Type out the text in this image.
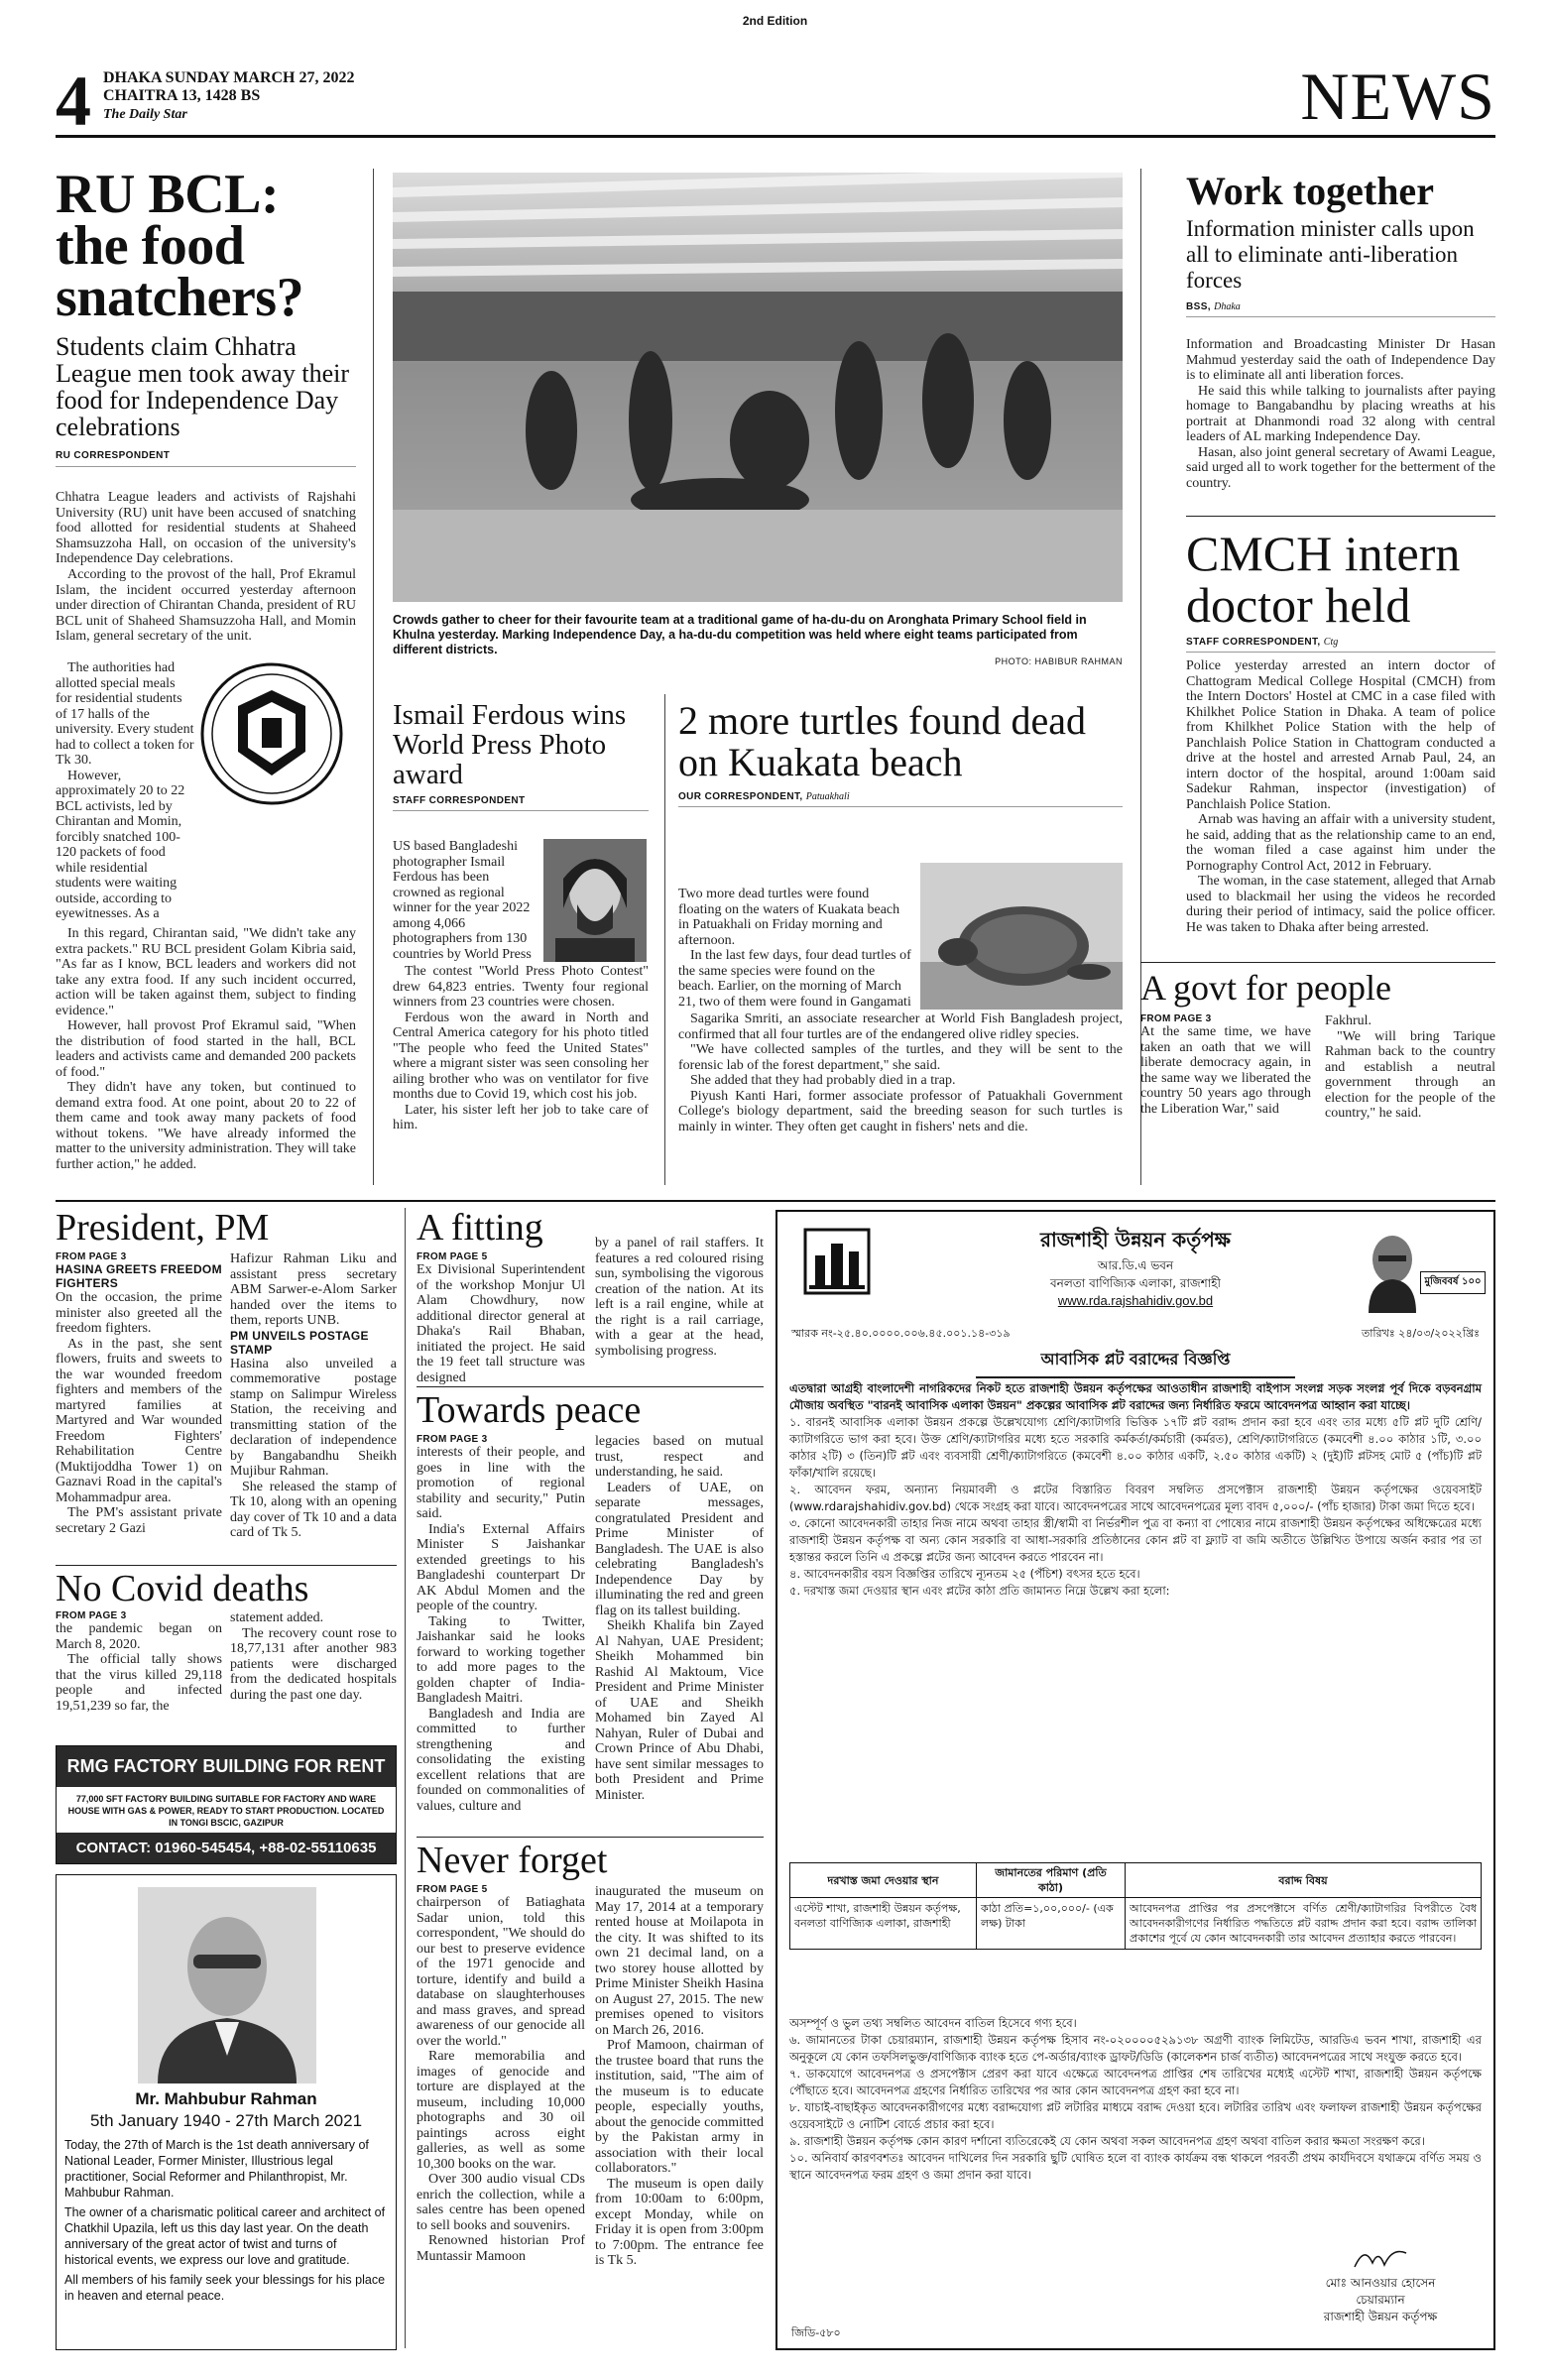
2nd Edition
4 DHAKA SUNDAY MARCH 27, 2022
CHAITRA 13, 1428 BS
The Daily Star	NEWS
RU BCL: the food snatchers?
Students claim Chhatra League men took away their food for Independence Day celebrations
RU CORRESPONDENT

Chhatra League leaders and activists of Rajshahi University (RU) unit have been accused of snatching food allotted for residential students at Shaheed Shamsuzzoha Hall, on occasion of the university's Independence Day celebrations.

According to the provost of the hall, Prof Ekramul Islam, the incident occurred yesterday afternoon under direction of Chirantan Chanda, president of RU BCL unit of Shaheed Shamsuzzoha Hall, and Momin Islam, general secretary of the unit.

The authorities had allotted special meals for residential students of 17 halls of the university. Every student had to collect a token for Tk 30.

However, approximately 20 to 22 BCL activists, led by Chirantan and Momin, forcibly snatched 100-120 packets of food while residential students were waiting outside, according to eyewitnesses. As a

In this regard, Chirantan said, "We didn't take any extra packets." RU BCL president Golam Kibria said, "As far as I know, BCL leaders and workers did not take any extra food. If any such incident occurred, action will be taken against them, subject to finding evidence."

However, hall provost Prof Ekramul said, "When the distribution of food started in the hall, BCL leaders and activists came and demanded 200 packets of food."

They didn't have any token, but continued to demand extra food. At one point, about 20 to 22 of them came and took away many packets of food without tokens. "We have already informed the matter to the university administration. They will take further action," he added.

Crowds gather to cheer for their favourite team at a traditional game of ha-du-du on Aronghata Primary School field in Khulna yesterday. Marking Independence Day, a ha-du-du competition was held where eight teams participated from different districts.
PHOTO: HABIBUR RAHMAN
Ismail Ferdous wins World Press Photo award
STAFF CORRESPONDENT

US based Bangladeshi photographer Ismail Ferdous has been crowned as regional winner for the year 2022 among 4,066 photographers from 130 countries by World Press

The contest "World Press Photo Contest" drew 64,823 entries. Twenty four regional winners from 23 countries were chosen.

Ferdous won the award in North and Central America category for his photo titled "The people who feed the United States" where a migrant sister was seen consoling her ailing brother who was on ventilator for five months due to Covid 19, which cost his job.

Later, his sister left her job to take care of him.

2 more turtles found dead on Kuakata beach
OUR CORRESPONDENT, Patuakhali

Two more dead turtles were found floating on the waters of Kuakata beach in Patuakhali on Friday morning and afternoon.

In the last few days, four dead turtles of the same species were found on the beach. Earlier, on the morning of March 21, two of them were found in Gangamati

Sagarika Smriti, an associate researcher at World Fish Bangladesh project, confirmed that all four turtles are of the endangered olive ridley species.

"We have collected samples of the turtles, and they will be sent to the forensic lab of the forest department," she said.

She added that they had probably died in a trap.

Piyush Kanti Hari, former associate professor of Patuakhali Government College's biology department, said the breeding season for such turtles is mainly in winter. They often get caught in fishers' nets and die.

Work together
Information minister calls upon all to eliminate anti-liberation forces
BSS, Dhaka

Information and Broadcasting Minister Dr Hasan Mahmud yesterday said the oath of Independence Day is to eliminate all anti liberation forces.

He said this while talking to journalists after paying homage to Bangabandhu by placing wreaths at his portrait at Dhanmondi road 32 along with central leaders of AL marking Independence Day.

Hasan, also joint general secretary of Awami League, said urged all to work together for the betterment of the country.

CMCH intern doctor held
STAFF CORRESPONDENT, Ctg

Police yesterday arrested an intern doctor of Chattogram Medical College Hospital (CMCH) from the Intern Doctors' Hostel at CMC in a case filed with Khilkhet Police Station in Dhaka. A team of police from Khilkhet Police Station with the help of Panchlaish Police Station in Chattogram conducted a drive at the hostel and arrested Arnab Paul, 24, an intern doctor of the hospital, around 1:00am said Sadekur Rahman, inspector (investigation) of Panchlaish Police Station.

Arnab was having an affair with a university student, he said, adding that as the relationship came to an end, the woman filed a case against him under the Pornography Control Act, 2012 in February.

The woman, in the case statement, alleged that Arnab used to blackmail her using the videos he recorded during their period of intimacy, said the police officer. He was taken to Dhaka after being arrested.

A govt for people
FROM PAGE 3
At the same time, we have taken an oath that we will liberate democracy again, in the same way we liberated the country 50 years ago through the Liberation War," said
Fakhrul.
"We will bring Tarique Rahman back to the country and establish a neutral government through an election for the people of the country," he said.
President, PM
FROM PAGE 3
HASINA GREETS FREEDOM FIGHTERS
On the occasion, the prime minister also greeted all the freedom fighters.
As in the past, she sent flowers, fruits and sweets to the war wounded freedom fighters and members of the martyred families at Martyred and War wounded Freedom Fighters' Rehabilitation Centre (Muktijoddha Tower 1) on Gaznavi Road in the capital's Mohammadpur area.
The PM's assistant private secretary 2 Gazi
Hafizur Rahman Liku and assistant press secretary ABM Sarwer-e-Alom Sarker handed over the items to them, reports UNB.
PM UNVEILS POSTAGE STAMP
Hasina also unveiled a commemorative postage stamp on Salimpur Wireless Station, the receiving and transmitting station of the declaration of independence by Bangabandhu Sheikh Mujibur Rahman.
She released the stamp of Tk 10, along with an opening day cover of Tk 10 and a data card of Tk 5.
No Covid deaths
FROM PAGE 3
the pandemic began on March 8, 2020.
The official tally shows that the virus killed 29,118 people and infected 19,51,239 so far, the
statement added.
The recovery count rose to 18,77,131 after another 983 patients were discharged from the dedicated hospitals during the past one day.
RMG FACTORY BUILDING FOR RENT
77,000 SFT FACTORY BUILDING SUITABLE FOR FACTORY AND WARE HOUSE WITH GAS & POWER, READY TO START PRODUCTION. LOCATED IN TONGI BSCIC, GAZIPUR
CONTACT: 01960-545454, +88-02-55110635
Mr. Mahbubur Rahman
5th January 1940 - 27th March 2021
Today, the 27th of March is the 1st death anniversary of National Leader, Former Minister, Illustrious legal practitioner, Social Reformer and Philanthropist, Mr. Mahbubur Rahman.
The owner of a charismatic political career and architect of Chatkhil Upazila, left us this day last year. On the death anniversary of the great actor of twist and turns of historical events, we express our love and gratitude.
All members of his family seek your blessings for his place in heaven and eternal peace.
A fitting
FROM PAGE 5
Ex Divisional Superintendent of the workshop Monjur Ul Alam Chowdhury, now additional director general at Dhaka's Rail Bhaban, initiated the project. He said the 19 feet tall structure was designed
by a panel of rail staffers. It features a red coloured rising sun, symbolising the vigorous creation of the nation. At its left is a rail engine, while at the right is a rail carriage, with a gear at the head, symbolising progress.
Towards peace
FROM PAGE 3
interests of their people, and goes in line with the promotion of regional stability and security," Putin said.
India's External Affairs Minister S Jaishankar extended greetings to his Bangladeshi counterpart Dr AK Abdul Momen and the people of the country.
Taking to Twitter, Jaishankar said he looks forward to working together to add more pages to the golden chapter of India-Bangladesh Maitri.
Bangladesh and India are committed to further strengthening and consolidating the existing excellent relations that are founded on commonalities of values, culture and
legacies based on mutual trust, respect and understanding, he said.
Leaders of UAE, on separate messages, congratulated President and Prime Minister of Bangladesh. The UAE is also celebrating Bangladesh's Independence Day by illuminating the red and green flag on its tallest building.
Sheikh Khalifa bin Zayed Al Nahyan, UAE President; Sheikh Mohammed bin Rashid Al Maktoum, Vice President and Prime Minister of UAE and Sheikh Mohamed bin Zayed Al Nahyan, Ruler of Dubai and Crown Prince of Abu Dhabi, have sent similar messages to both President and Prime Minister.
Never forget
FROM PAGE 5
chairperson of Batiaghata Sadar union, told this correspondent, "We should do our best to preserve evidence of the 1971 genocide and torture, identify and build a database on slaughterhouses and mass graves, and spread awareness of our genocide all over the world."
Rare memorabilia and images of genocide and torture are displayed at the museum, including 10,000 photographs and 30 oil paintings across eight galleries, as well as some 10,300 books on the war.
Over 300 audio visual CDs enrich the collection, while a sales centre has been opened to sell books and souvenirs.
Renowned historian Prof Muntassir Mamoon
inaugurated the museum on May 17, 2014 at a temporary rented house at Moilapota in the city. It was shifted to its own 21 decimal land, on a two storey house allotted by Prime Minister Sheikh Hasina on August 27, 2015. The new premises opened to visitors on March 26, 2016.
Prof Mamoon, chairman of the trustee board that runs the institution, said, "The aim of the museum is to educate people, especially youths, about the genocide committed by the Pakistan army in association with their local collaborators."
The museum is open daily from 10:00am to 6:00pm, except Monday, while on Friday it is open from 3:00pm to 7:00pm. The entrance fee is Tk 5.
মুজিববর্ষ ১০০
রাজশাহী উন্নয়ন কর্তৃপক্ষ
আর.ডি.এ ভবন
বনলতা বাণিজ্যিক এলাকা, রাজশাহী
www.rda.rajshahidiv.gov.bd
স্মারক নং-২৫.৪০.০০০০.০০৬.৪৫.০০১.১৪-৩১৯	তারিখঃ ২৪/০৩/২০২২খ্রিঃ
আবাসিক প্লট বরাদ্দের বিজ্ঞপ্তি
এতদ্বারা আগ্রহী বাংলাদেশী নাগরিকদের নিকট হতে রাজশাহী উন্নয়ন কর্তৃপক্ষের আওতাধীন রাজশাহী বাইপাস সংলগ্ন সড়ক সংলগ্ন পূর্ব দিকে বড়বনগ্রাম মৌজায় অবস্থিত "বারনই আবাসিক এলাকা উন্নয়ন" প্রকল্পের আবাসিক প্লট বরাদ্দের জন্য নির্ধারিত ফরমে আবেদনপত্র আহ্বান করা যাচ্ছে।
১. বারনই আবাসিক এলাকা উন্নয়ন প্রকল্পে উল্লেখযোগ্য শ্রেণি/ক্যাটাগরি ভিত্তিক ১৭টি প্লট বরাদ্দ প্রদান করা হবে এবং তার মধ্যে ৫টি প্লট দুটি শ্রেণি/ক্যাটাগরিতে ভাগ করা হবে। উক্ত শ্রেণি/ক্যাটাগরির মধ্যে হতে সরকারি কর্মকর্তা/কর্মচারী (কর্মরত), শ্রেণি/ক্যাটাগরিতে (কমবেশী ৪.০০ কাঠার ১টি, ৩.০০ কাঠার ২টি) ৩ (তিন)টি প্লট এবং ব্যবসায়ী শ্রেণী/ক্যাটাগরিতে (কমবেশী ৪.০০ কাঠার একটি, ২.৫০ কাঠার একটি) ২ (দুই)টি প্লটসহ মোট ৫ (পাঁচ)টি প্লট ফাঁকা/খালি রয়েছে।
২. আবেদন ফরম, অন্যান্য নিয়মাবলী ও প্লটের বিস্তারিত বিবরণ সম্বলিত প্রসপেক্টাস রাজশাহী উন্নয়ন কর্তৃপক্ষের ওয়েবসাইট (www.rdarajshahidiv.gov.bd) থেকে সংগ্রহ করা যাবে। আবেদনপত্রের সাথে আবেদনপত্রের মূল্য বাবদ ৫,০০০/- (পাঁচ হাজার) টাকা জমা দিতে হবে।
৩. কোনো আবেদনকারী তাহার নিজ নামে অথবা তাহার স্ত্রী/স্বামী বা নির্ভরশীল পুত্র বা কন্যা বা পোষ্যের নামে রাজশাহী উন্নয়ন কর্তৃপক্ষের অধিক্ষেত্রের মধ্যে রাজশাহী উন্নয়ন কর্তৃপক্ষ বা অন্য কোন সরকারি বা আধা-সরকারি প্রতিষ্ঠানের কোন প্লট বা ফ্ল্যাট বা জমি অতীতে উল্লিখিত উপায়ে অর্জন করার পর তা হস্তান্তর করলে তিনি এ প্রকল্পে প্লটের জন্য আবেদন করতে পারবেন না।
৪. আবেদনকারীর বয়স বিজ্ঞপ্তির তারিখে ন্যূনতম ২৫ (পঁচিশ) বৎসর হতে হবে।
৫. দরখাস্ত জমা দেওয়ার স্থান এবং প্লটের কাঠা প্রতি জামানত নিম্নে উল্লেখ করা হলো:
দরখাস্ত জমা দেওয়ার স্থান	জামানতের পরিমাণ (প্রতি কাঠা)	বরাদ্দ বিষয়
এস্টেট শাখা, রাজশাহী উন্নয়ন কর্তৃপক্ষ, বনলতা বাণিজ্যিক এলাকা, রাজশাহী	কাঠা প্রতি=১,০০,০০০/- (এক লক্ষ) টাকা	আবেদনপত্র প্রাপ্তির পর প্রসপেক্টাসে বর্ণিত শ্রেণী/ক্যাটাগরির বিপরীতে বৈধ আবেদনকারীগণের নির্ধারিত পদ্ধতিতে প্লট বরাদ্দ প্রদান করা হবে। বরাদ্দ তালিকা প্রকাশের পূর্বে যে কোন আবেদনকারী তার আবেদন প্রত্যাহার করতে পারবেন।
অসম্পূর্ণ ও ভুল তথ্য সম্বলিত আবেদন বাতিল হিসেবে গণ্য হবে।
৬. জামানতের টাকা চেয়ারম্যান, রাজশাহী উন্নয়ন কর্তৃপক্ষ হিসাব নং-০২০০০০৫২৯১৩৮ অগ্রণী ব্যাংক লিমিটেড, আরডিএ ভবন শাখা, রাজশাহী এর অনুকূলে যে কোন তফসিলভুক্ত/বাণিজ্যিক ব্যাংক হতে পে-অর্ডার/ব্যাংক ড্রাফট/ডিডি (কালেকশন চার্জ ব্যতীত) আবেদনপত্রের সাথে সংযুক্ত করতে হবে।
৭. ডাকযোগে আবেদনপত্র ও প্রসপেক্টাস প্রেরণ করা যাবে এক্ষেত্রে আবেদনপত্র প্রাপ্তির শেষ তারিখের মধ্যেই এস্টেট শাখা, রাজশাহী উন্নয়ন কর্তৃপক্ষে পৌঁছাতে হবে। আবেদনপত্র গ্রহণের নির্ধারিত তারিখের পর আর কোন আবেদনপত্র গ্রহণ করা হবে না।
৮. যাচাই-বাছাইকৃত আবেদনকারীগণের মধ্যে বরাদ্দযোগ্য প্লট লটারির মাধ্যমে বরাদ্দ দেওয়া হবে। লটারির তারিখ এবং ফলাফল রাজশাহী উন্নয়ন কর্তৃপক্ষের ওয়েবসাইটে ও নোটিশ বোর্ডে প্রচার করা হবে।
৯. রাজশাহী উন্নয়ন কর্তৃপক্ষ কোন কারণ দর্শানো ব্যতিরেকেই যে কোন অথবা সকল আবেদনপত্র গ্রহণ অথবা বাতিল করার ক্ষমতা সংরক্ষণ করে।
১০. অনিবার্য কারণবশতঃ আবেদন দাখিলের দিন সরকারি ছুটি ঘোষিত হলে বা ব্যাংক কার্যক্রম বন্ধ থাকলে পরবর্তী প্রথম কার্যদিবসে যথাক্রমে বর্ণিত সময় ও স্থানে আবেদনপত্র ফরম গ্রহণ ও জমা প্রদান করা যাবে।
মোঃ আনওয়ার হোসেন
চেয়ারম্যান
রাজশাহী উন্নয়ন কর্তৃপক্ষ
জিডি-৫৮০
